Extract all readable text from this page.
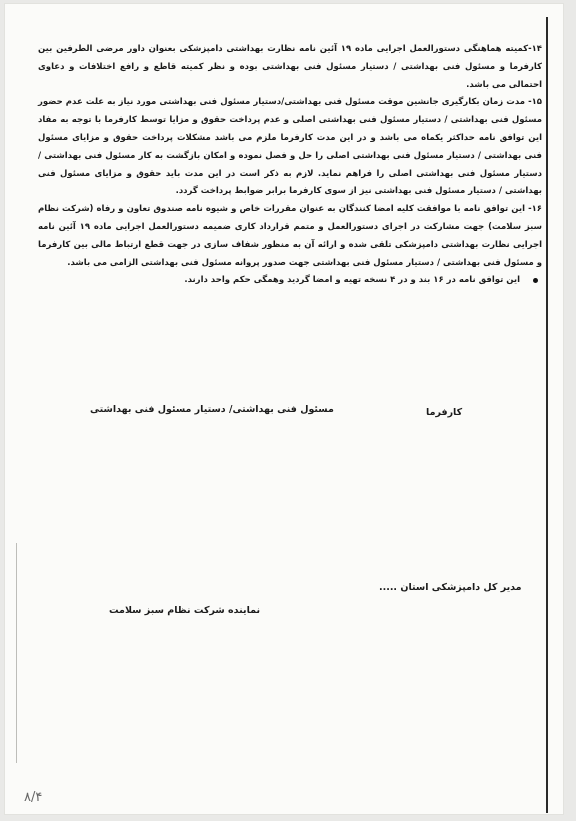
۱۴-کمیته هماهنگی دستورالعمل اجرایی ماده ۱۹ آئین نامه نظارت بهداشتی دامپزشکی بعنوان داور مرضی الطرفین بین کارفرما و مسئول فنی بهداشتی / دستیار مسئول فنی بهداشتی بوده و نظر کمیته قاطع و رافع اختلافات و دعاوی احتمالی می باشد.

۱۵- مدت زمان بکارگیری جانشین موقت مسئول فنی بهداشتی/دستیار مسئول فنی بهداشتی مورد نیاز به علت عدم حضور مسئول فنی بهداشتی / دستیار مسئول فنی بهداشتی اصلی و عدم پرداخت حقوق و مزایا توسط کارفرما با توجه به مفاد این توافق نامه حداکثر یکماه می باشد و در این مدت کارفرما ملزم می باشد مشکلات پرداخت حقوق و مزایای مسئول فنی بهداشتی / دستیار مسئول فنی بهداشتی اصلی را حل و فصل نموده و امکان بازگشت به کار مسئول فنی بهداشتی / دستیار مسئول فنی بهداشتی اصلی را فراهم نماید. لازم به ذکر است در این مدت باید حقوق و مزایای مسئول فنی بهداشتی / دستیار مسئول فنی بهداشتی نیز از سوی کارفرما برابر ضوابط پرداخت گردد.

۱۶- این توافق نامه با موافقت کلیه امضا کنندگان به عنوان مقررات خاص و شیوه نامه صندوق تعاون و رفاه (شرکت نظام سبز سلامت) جهت مشارکت در اجرای دستورالعمل و متمم قرارداد کاری ضمیمه دستورالعمل اجرایی ماده ۱۹ آئین نامه اجرایی نظارت بهداشتی دامپزشکی تلقی شده و ارائه آن به منظور شفاف سازی در جهت قطع ارتباط مالی بین کارفرما و مسئول فنی بهداشتی / دستیار مسئول فنی بهداشتی جهت صدور پروانه مسئول فنی بهداشتی الزامی می باشد.

این توافق نامه در ۱۶ بند و در ۴ نسخه تهیه و امضا گردید وهمگی حکم واحد دارند.
کارفرما
مسئول فنی بهداشتی/ دستیار مسئول فنی بهداشتی
مدیر کل دامپزشکی استان .....
نماینده شرکت نظام سبز سلامت
۸/۴
